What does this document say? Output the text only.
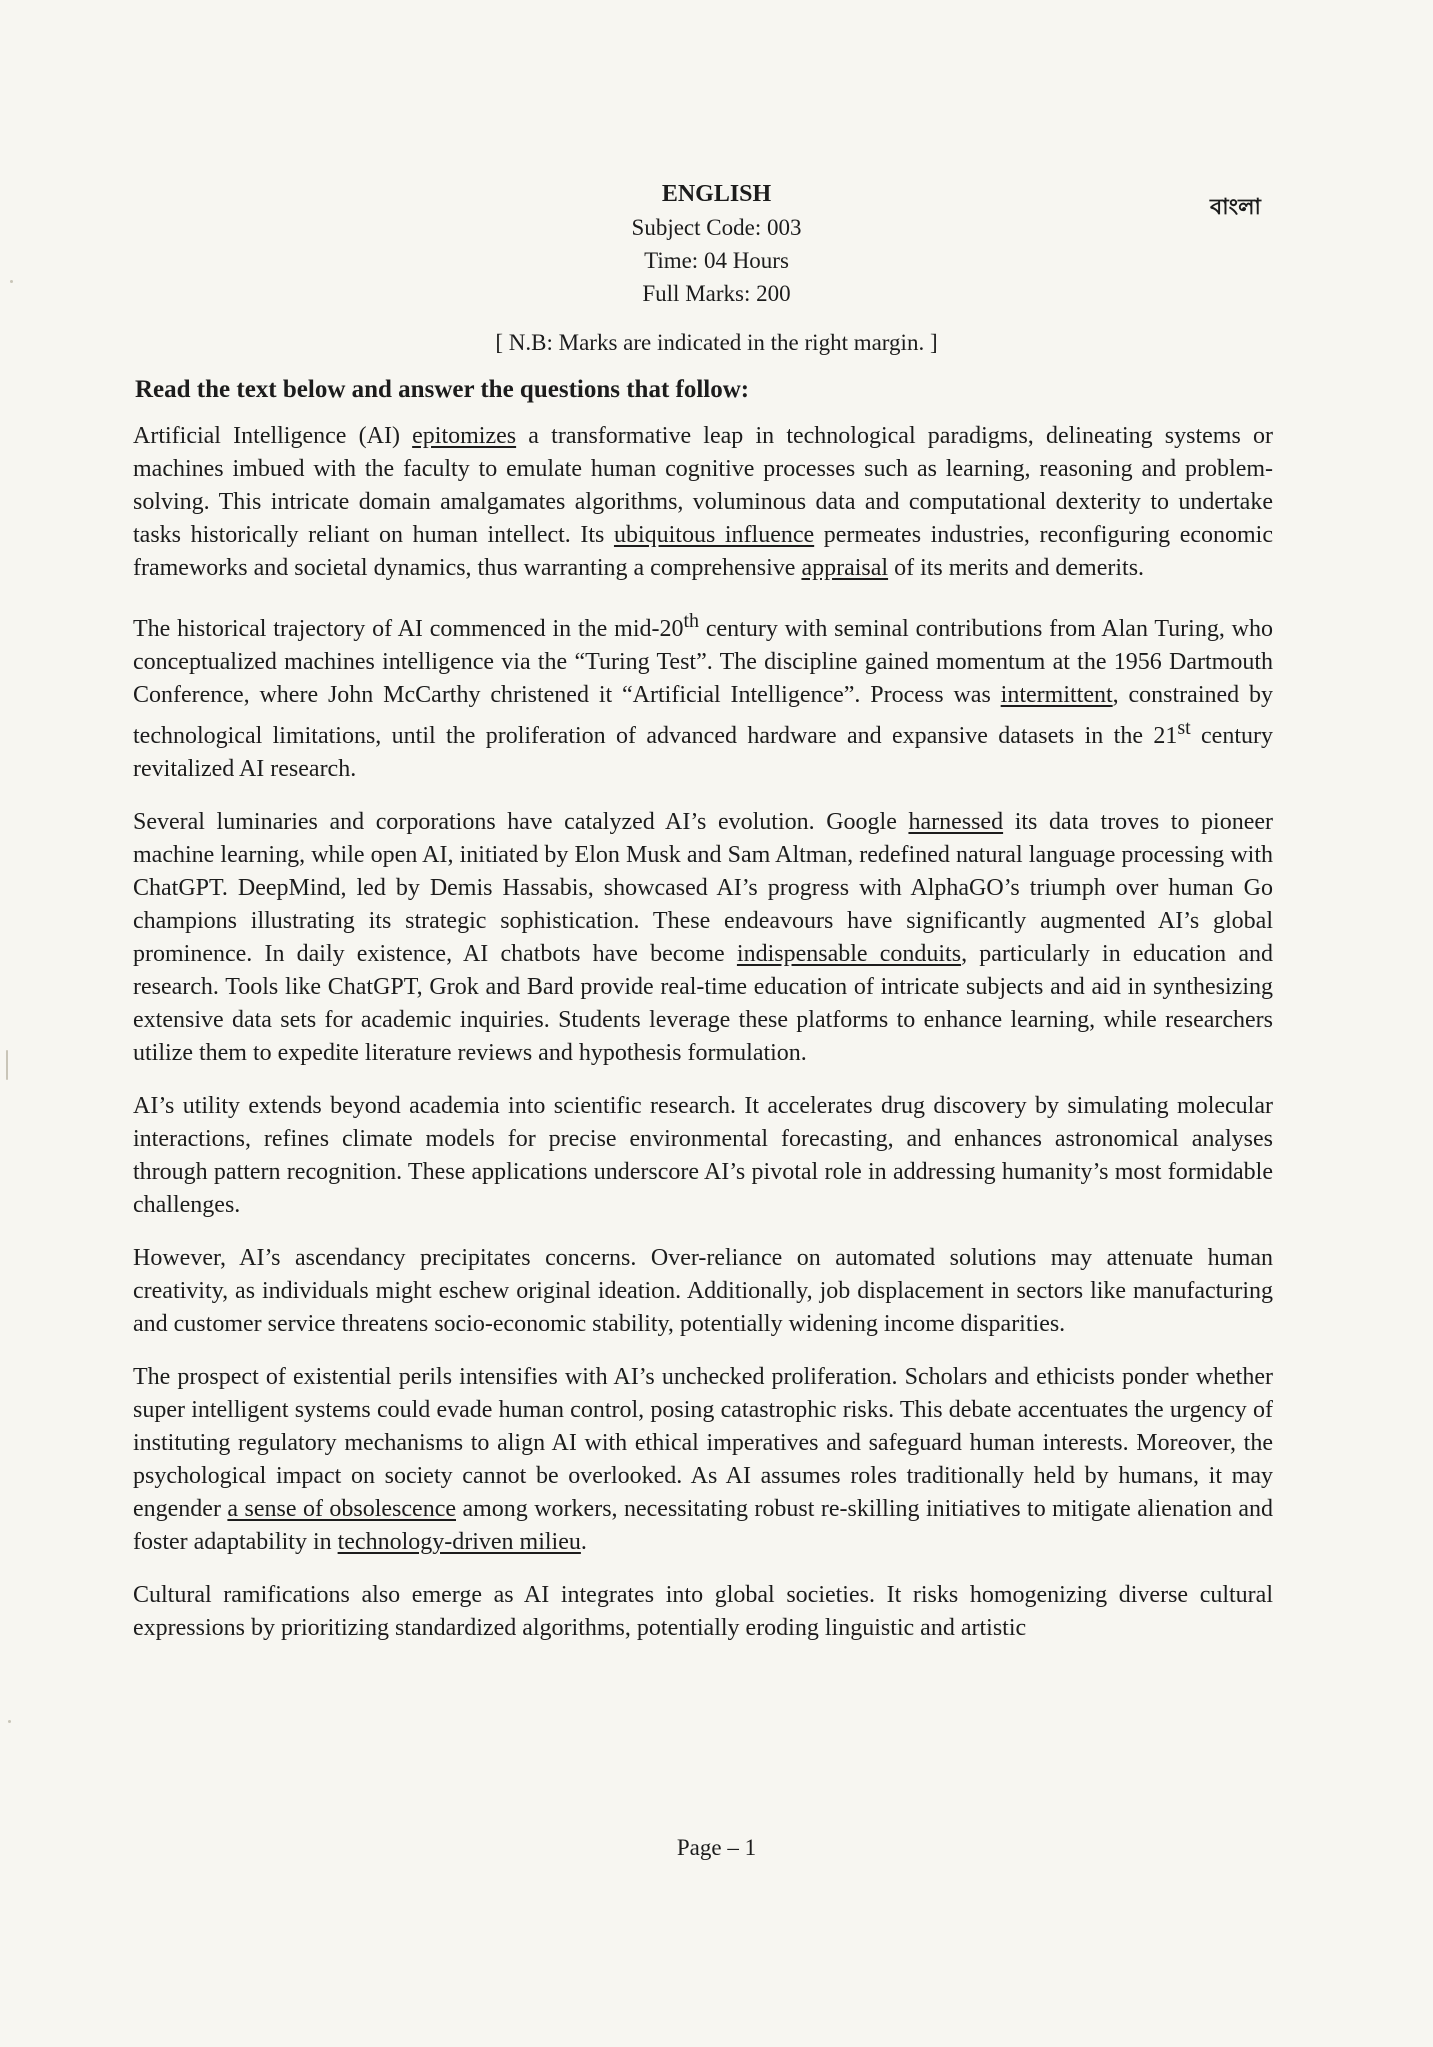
ENGLISH
Subject Code: 003
Time: 04 Hours
Full Marks: 200
বাংলা
[ N.B: Marks are indicated in the right margin. ]
Read the text below and answer the questions that follow:

Artificial Intelligence (AI) epitomizes a transformative leap in technological paradigms, delineating systems or machines imbued with the faculty to emulate human cognitive processes such as learning, reasoning and problem-solving. This intricate domain amalgamates algorithms, voluminous data and computational dexterity to undertake tasks historically reliant on human intellect. Its ubiquitous influence permeates industries, reconfiguring economic frameworks and societal dynamics, thus warranting a comprehensive appraisal of its merits and demerits.

The historical trajectory of AI commenced in the mid-20th century with seminal contributions from Alan Turing, who conceptualized machines intelligence via the “Turing Test”. The discipline gained momentum at the 1956 Dartmouth Conference, where John McCarthy christened it “Artificial Intelligence”. Process was intermittent, constrained by technological limitations, until the proliferation of advanced hardware and expansive datasets in the 21st century revitalized AI research.

Several luminaries and corporations have catalyzed AI’s evolution. Google harnessed its data troves to pioneer machine learning, while open AI, initiated by Elon Musk and Sam Altman, redefined natural language processing with ChatGPT. DeepMind, led by Demis Hassabis, showcased AI’s progress with AlphaGO’s triumph over human Go champions illustrating its strategic sophistication. These endeavours have significantly augmented AI’s global prominence. In daily existence, AI chatbots have become indispensable conduits, particularly in education and research. Tools like ChatGPT, Grok and Bard provide real-time education of intricate subjects and aid in synthesizing extensive data sets for academic inquiries. Students leverage these platforms to enhance learning, while researchers utilize them to expedite literature reviews and hypothesis formulation.

AI’s utility extends beyond academia into scientific research. It accelerates drug discovery by simulating molecular interactions, refines climate models for precise environmental forecasting, and enhances astronomical analyses through pattern recognition. These applications underscore AI’s pivotal role in addressing humanity’s most formidable challenges.

However, AI’s ascendancy precipitates concerns. Over-reliance on automated solutions may attenuate human creativity, as individuals might eschew original ideation. Additionally, job displacement in sectors like manufacturing and customer service threatens socio-economic stability, potentially widening income disparities.

The prospect of existential perils intensifies with AI’s unchecked proliferation. Scholars and ethicists ponder whether super intelligent systems could evade human control, posing catastrophic risks. This debate accentuates the urgency of instituting regulatory mechanisms to align AI with ethical imperatives and safeguard human interests. Moreover, the psychological impact on society cannot be overlooked. As AI assumes roles traditionally held by humans, it may engender a sense of obsolescence among workers, necessitating robust re-skilling initiatives to mitigate alienation and foster adaptability in technology-driven milieu.

Cultural ramifications also emerge as AI integrates into global societies. It risks homogenizing diverse cultural expressions by prioritizing standardized algorithms, potentially eroding linguistic and artistic

Page – 1
